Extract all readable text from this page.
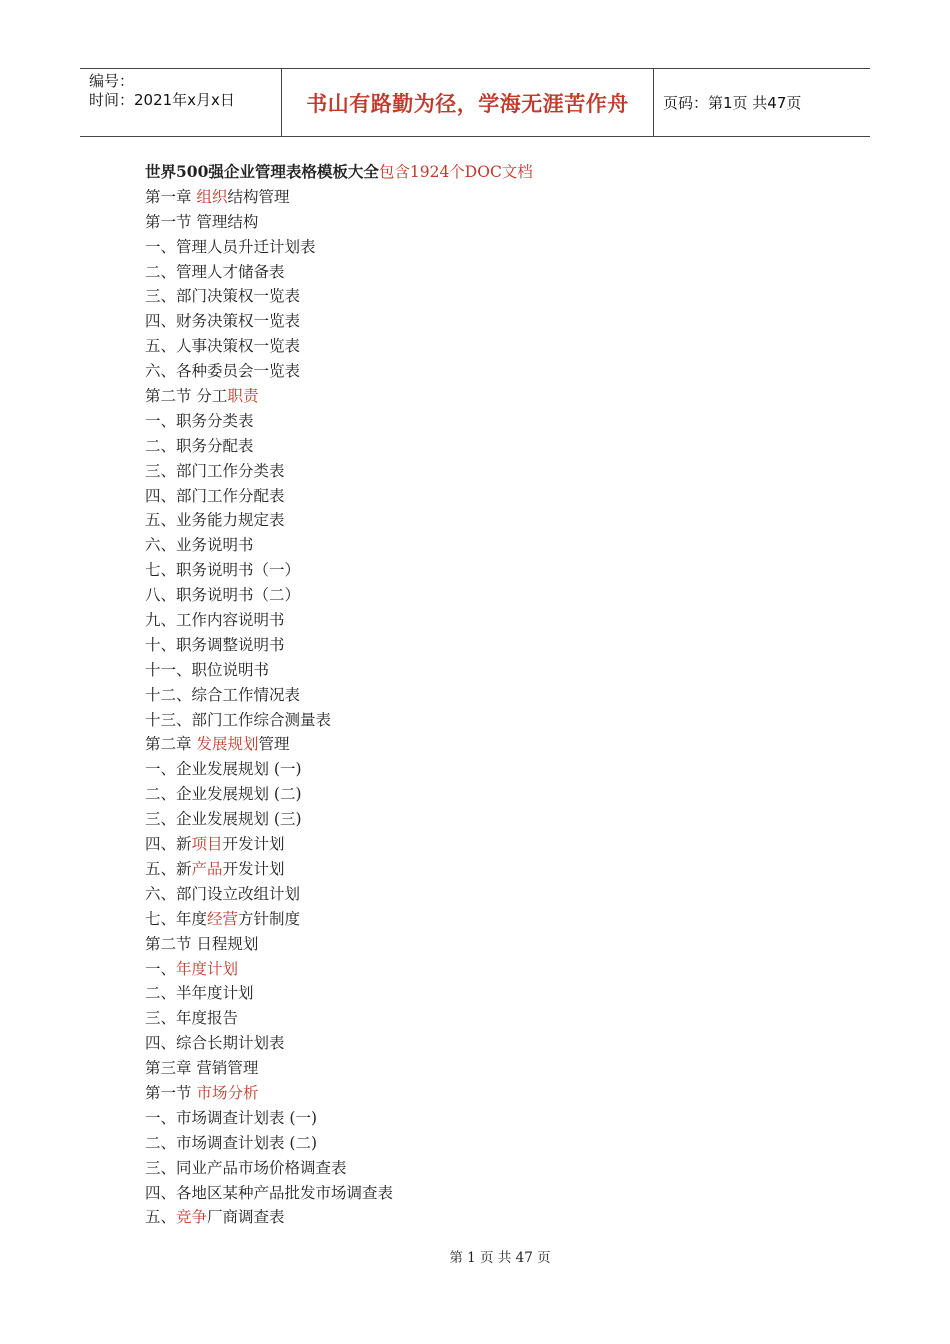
编号：
时间：2021年x月x日	书山有路勤为径，学海无涯苦作舟	页码：第1页 共47页
世界500强企业管理表格模板大全包含1924个DOC文档
第一章 组织结构管理
第一节 管理结构
一、管理人员升迁计划表
二、管理人才储备表
三、部门决策权一览表
四、财务决策权一览表
五、人事决策权一览表
六、各种委员会一览表
第二节 分工职责
一、职务分类表
二、职务分配表
三、部门工作分类表
四、部门工作分配表
五、业务能力规定表
六、业务说明书
七、职务说明书（一）
八、职务说明书（二）
九、工作内容说明书
十、职务调整说明书
十一、职位说明书
十二、综合工作情况表
十三、部门工作综合测量表
第二章 发展规划管理
一、企业发展规划 (一)
二、企业发展规划 (二)
三、企业发展规划 (三)
四、新项目开发计划
五、新产品开发计划
六、部门设立改组计划
七、年度经营方针制度
第二节 日程规划
一、年度计划
二、半年度计划
三、年度报告
四、综合长期计划表
第三章 营销管理
第一节 市场分析
一、市场调查计划表 (一)
二、市场调查计划表 (二)
三、同业产品市场价格调查表
四、各地区某种产品批发市场调查表
五、竞争厂商调查表
第 1 页 共 47 页
